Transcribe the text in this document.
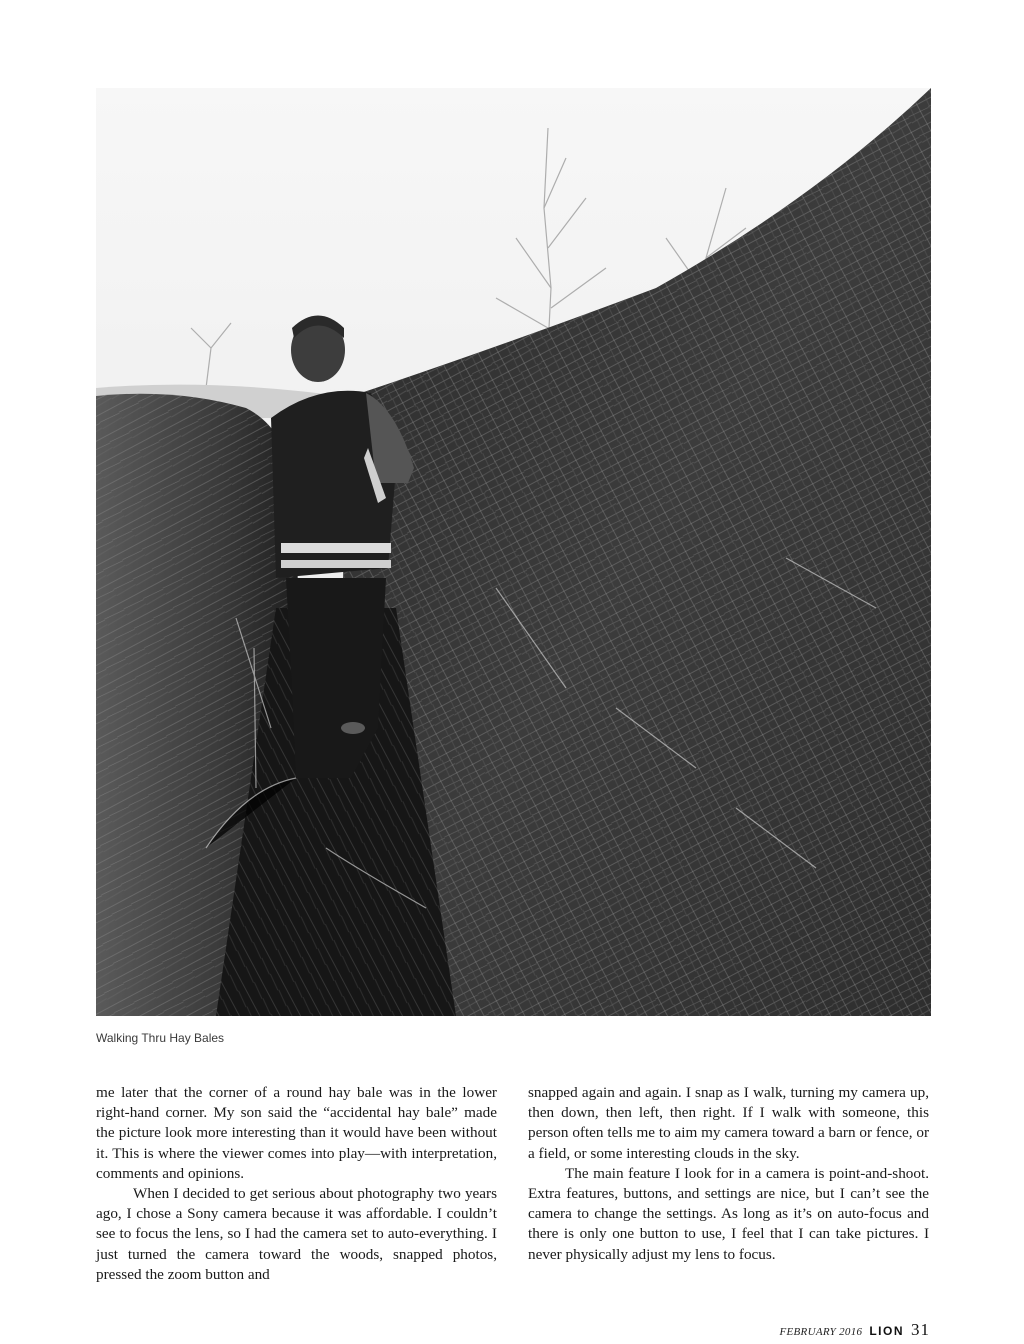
Walking Thru Hay Bales

me later that the corner of a round hay bale was in the lower right-hand corner. My son said the “accidental hay bale” made the picture look more interesting than it would have been without it. This is where the viewer comes into play—with interpretation, comments and opinions.

When I decided to get serious about photography two years ago, I chose a Sony camera because it was affordable. I couldn’t see to focus the lens, so I had the camera set to auto-everything. I just turned the camera toward the woods, snapped photos, pressed the zoom button and

snapped again and again. I snap as I walk, turning my camera up, then down, then left, then right. If I walk with someone, this person often tells me to aim my camera toward a barn or fence, or a field, or some interesting clouds in the sky.

The main feature I look for in a camera is point-and-shoot. Extra features, buttons, and settings are nice, but I can’t see the camera to change the settings. As long as it’s on auto-focus and there is only one button to use, I feel that I can take pictures. I never physically adjust my lens to focus.

FEBRUARY 2016 LION 31
